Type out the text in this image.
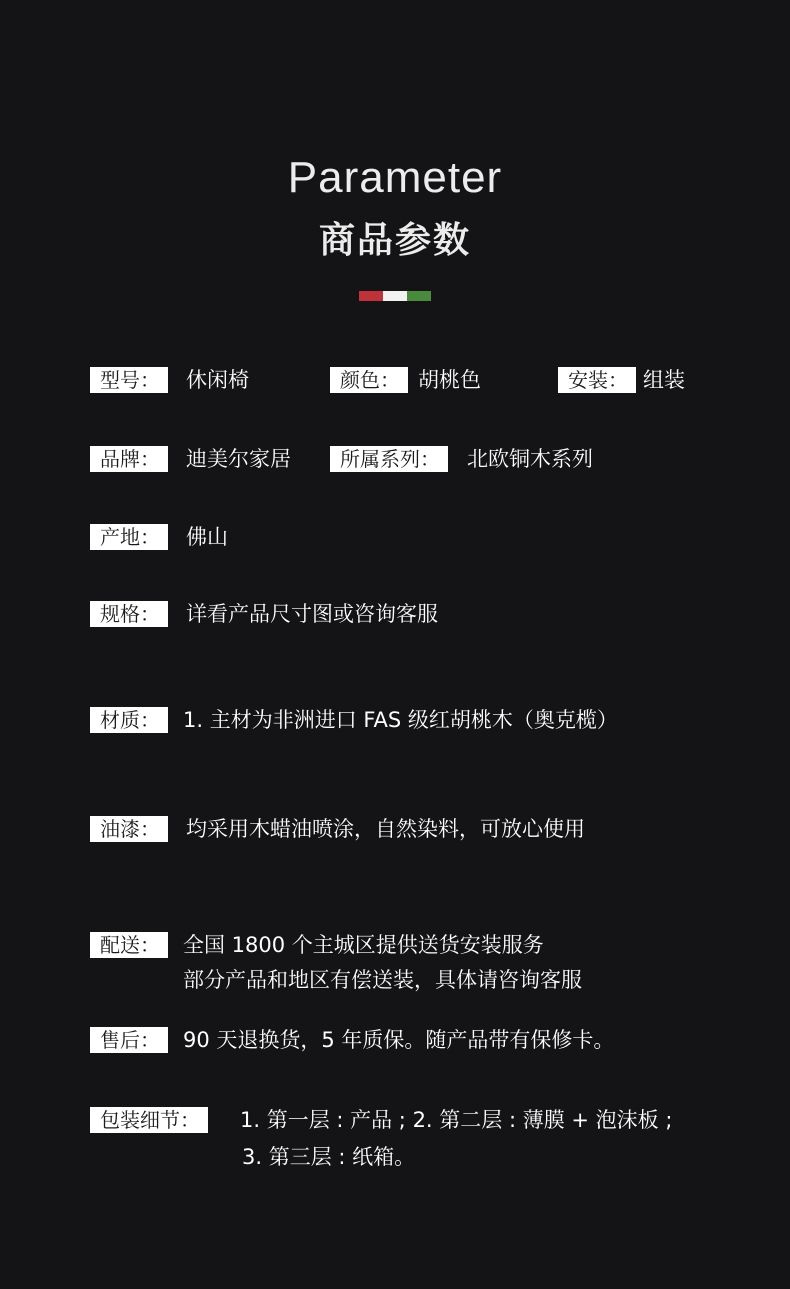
Parameter
商品参数
型号：	休闲椅	颜色： 胡桃色	安装： 组装
品牌：	迪美尔家居	所属系列：	北欧铜木系列
产地：	佛山
规格：	详看产品尺寸图或咨询客服
材质：	1. 主材为非洲进口 FAS 级红胡桃木（奥克榄）
油漆：	均采用木蜡油喷涂，自然染料，可放心使用
配送：	全国 1800 个主城区提供送货安装服务
部分产品和地区有偿送装，具体请咨询客服
售后：	90 天退换货，5 年质保。随产品带有保修卡。
包装细节：	1. 第一层 : 产品 ; 2. 第二层 : 薄膜 + 泡沫板 ;
3. 第三层 : 纸箱。
